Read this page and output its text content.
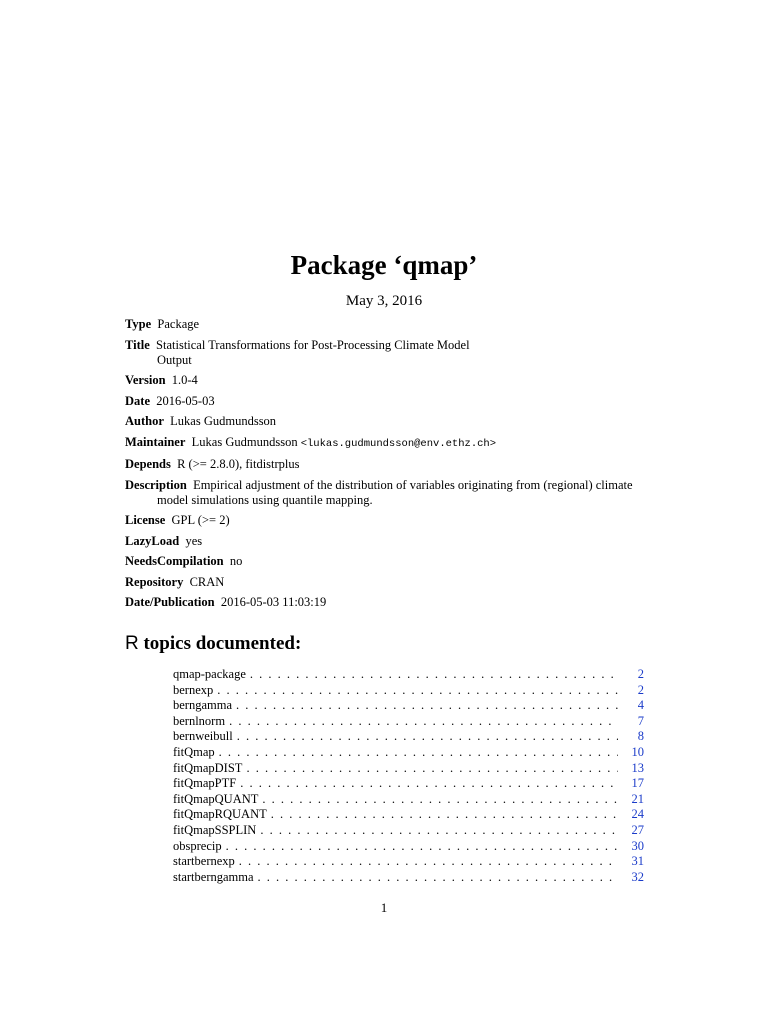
Package ‘qmap’
May 3, 2016
Type Package
Title Statistical Transformations for Post-Processing Climate Model Output
Version 1.0-4
Date 2016-05-03
Author Lukas Gudmundsson
Maintainer Lukas Gudmundsson <lukas.gudmundsson@env.ethz.ch>
Depends R (>= 2.8.0), fitdistrplus
Description Empirical adjustment of the distribution of variables originating from (regional) climate model simulations using quantile mapping.
License GPL (>= 2)
LazyLoad yes
NeedsCompilation no
Repository CRAN
Date/Publication 2016-05-03 11:03:19
R topics documented:
qmap-package . . .	2
bernexp . . .	2
berngamma . . .	4
bernlnorm . . .	7
bernweibull . . .	8
fitQmap . . .	10
fitQmapDIST . . .	13
fitQmapPTF . . .	17
fitQmapQUANT . . .	21
fitQmapRQUANT . . .	24
fitQmapSSPLIN . . .	27
obsprecip . . .	30
startbernexp . . .	31
startberngamma . . .	32
1
